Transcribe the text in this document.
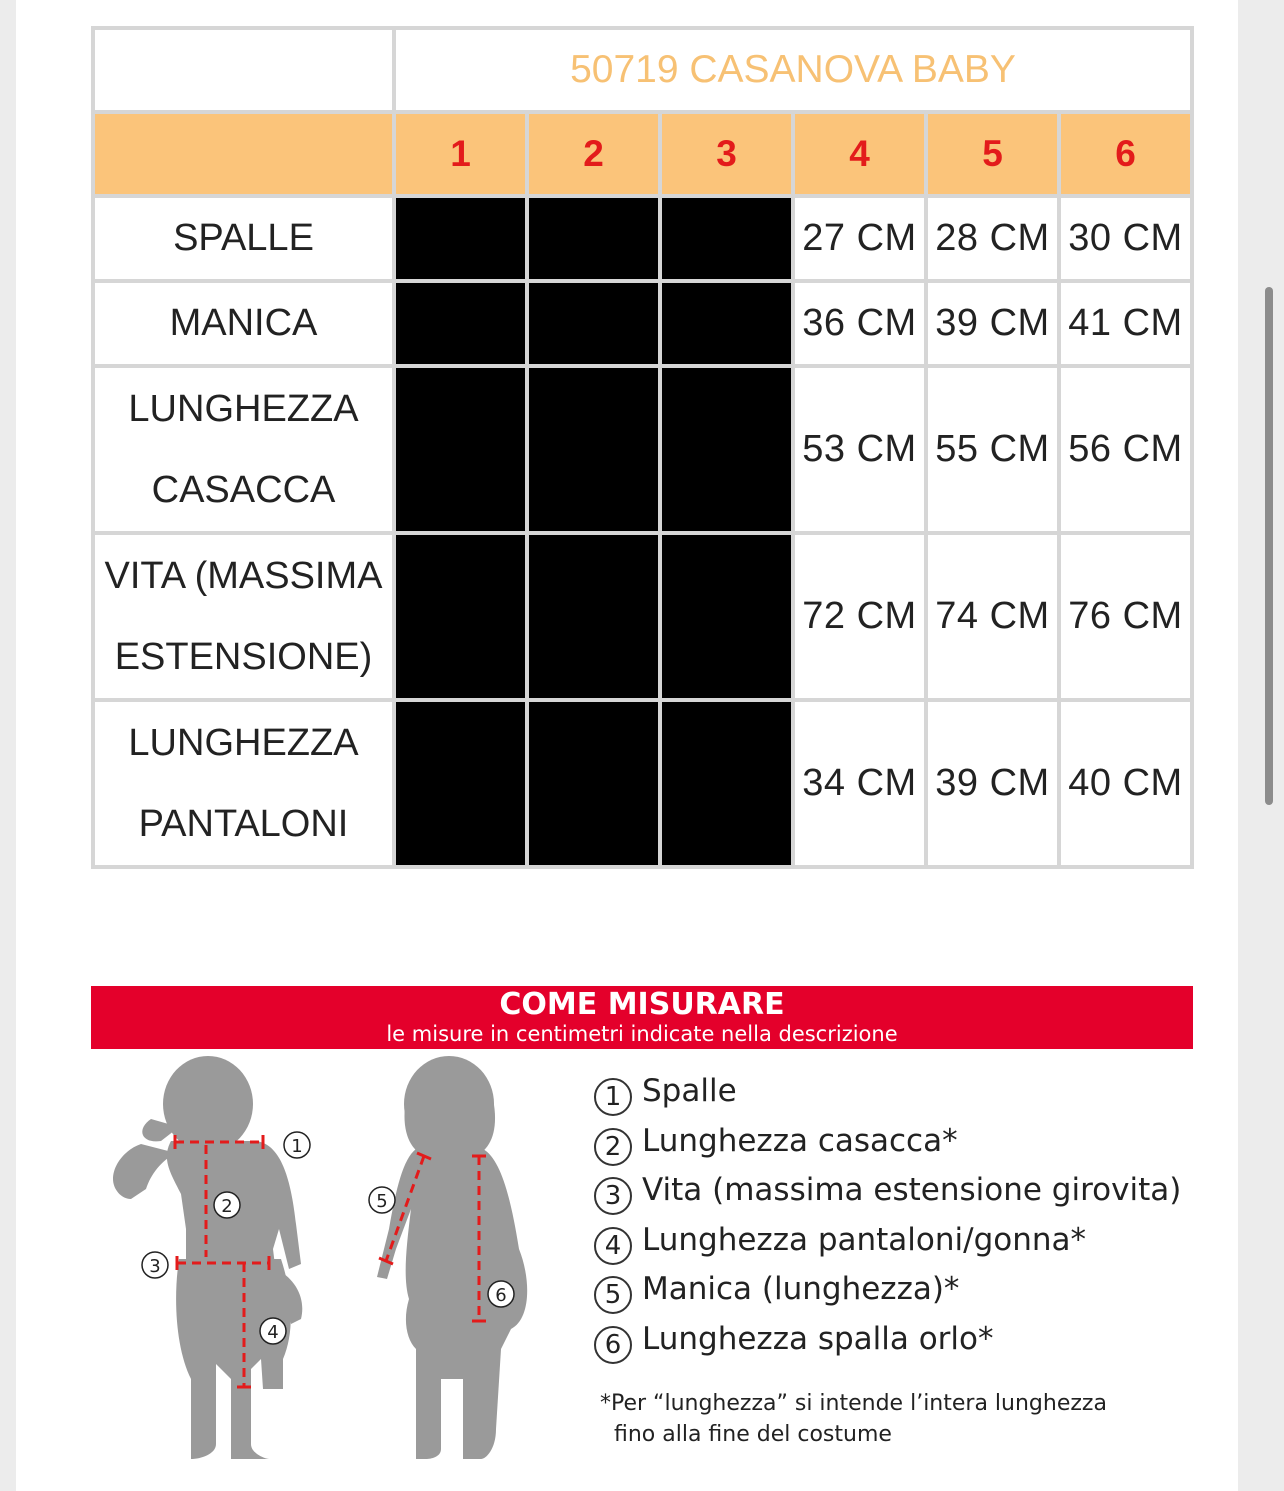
	50719 CASANOVA BABY					
	1	2	3	4	5	6
SPALLE				27 CM	28 CM	30 CM
MANICA				36 CM	39 CM	41 CM
LUNGHEZZA
CASACCA				53 CM	55 CM	56 CM
VITA (MASSIMA
ESTENSIONE)				72 CM	74 CM	76 CM
LUNGHEZZA
PANTALONI				34 CM	39 CM	40 CM
COME MISURARE
le misure in centimetri indicate nella descrizione
1
2
3
4
5
6
1 Spalle
2 Lunghezza casacca*
3 Vita (massima estensione girovita)
4 Lunghezza pantaloni/gonna*
5 Manica (lunghezza)*
6 Lunghezza spalla orlo*
*Per “lunghezza” si intende l’intera lunghezza
fino alla fine del costume
